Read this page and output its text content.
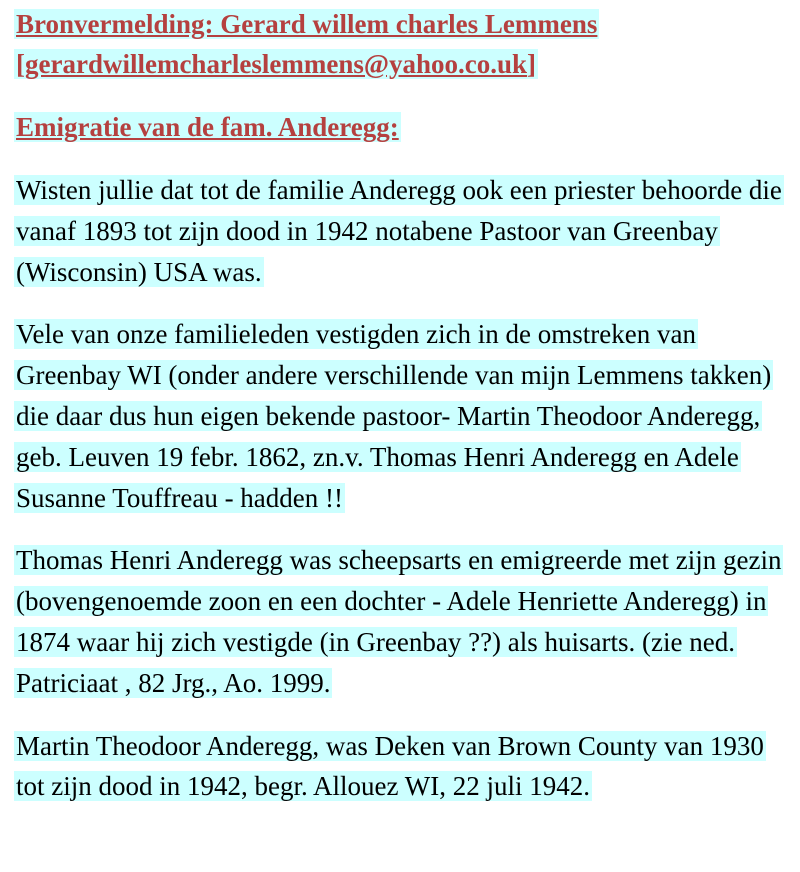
Bronvermelding: Gerard willem charles Lemmens
[gerardwillemcharleslemmens@yahoo.co.uk]

Emigratie van de fam. Anderegg:

Wisten jullie dat tot de familie Anderegg ook een priester behoorde die vanaf 1893 tot zijn dood in 1942 notabene Pastoor van Greenbay (Wisconsin) USA was.

Vele van onze familieleden vestigden zich in de omstreken van Greenbay WI (onder andere verschillende van mijn Lemmens takken) die daar dus hun eigen bekende pastoor- Martin Theodoor Anderegg, geb. Leuven 19 febr. 1862, zn.v. Thomas Henri Anderegg en Adele Susanne Touffreau - hadden !!

Thomas Henri Anderegg was scheepsarts en emigreerde met zijn gezin (bovengenoemde zoon en een dochter - Adele Henriette Anderegg) in 1874 waar hij zich vestigde (in Greenbay ??) als huisarts. (zie ned. Patriciaat , 82 Jrg., Ao. 1999.

Martin Theodoor Anderegg, was Deken van Brown County van 1930 tot zijn dood in 1942, begr. Allouez WI, 22 juli 1942.
